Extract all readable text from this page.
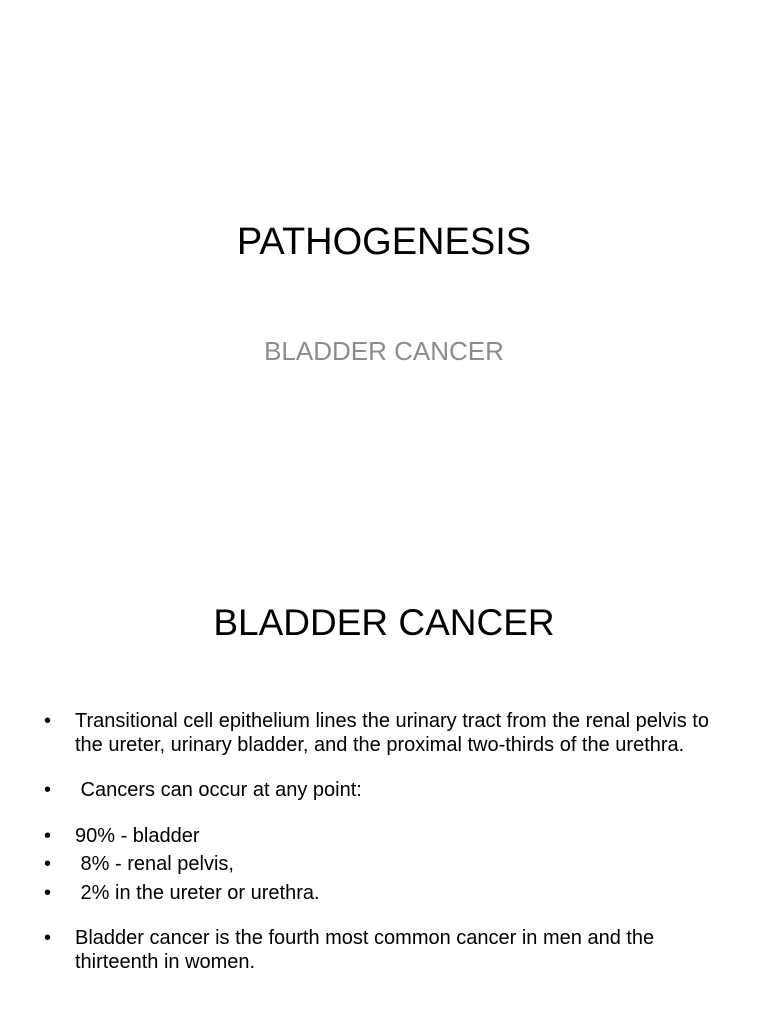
PATHOGENESIS
BLADDER CANCER
BLADDER CANCER
•	Transitional cell epithelium lines the urinary tract from the renal pelvis to the ureter, urinary bladder, and the proximal two-thirds of the urethra.
•	Cancers can occur at any point:
•	90% - bladder
•	8% - renal pelvis,
•	2% in the ureter or urethra.
•	Bladder cancer is the fourth most common cancer in men and the thirteenth in women.
